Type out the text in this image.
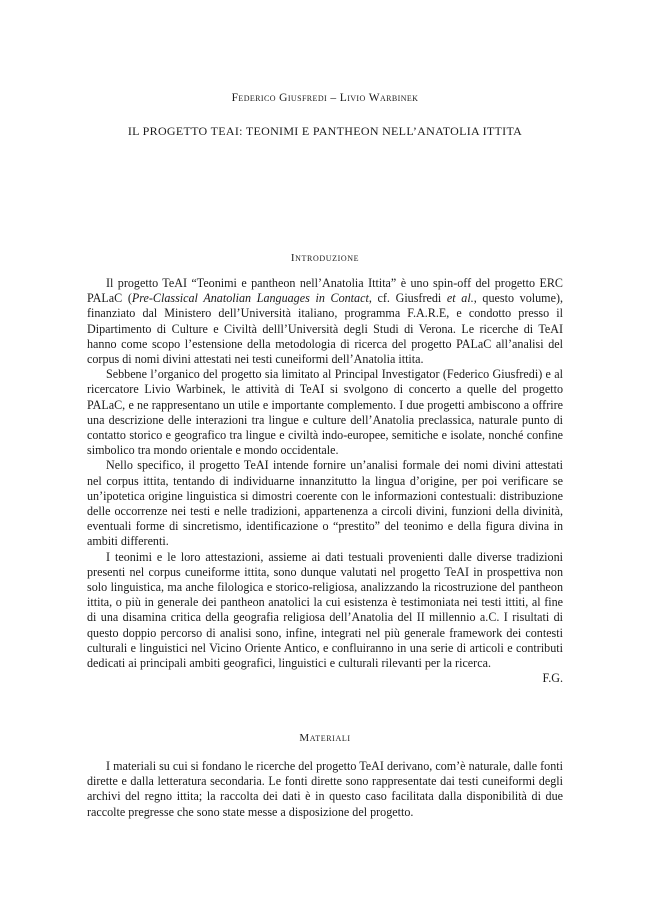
Federico Giusfredi – Livio Warbinek
IL PROGETTO TEAI: TEONIMI E PANTHEON NELL’ANATOLIA ITTITA
Introduzione

Il progetto TeAI “Teonimi e pantheon nell’Anatolia Ittita” è uno spin-off del progetto ERC PALaC (Pre-Classical Anatolian Languages in Contact, cf. Giusfredi et al., questo volume), finanziato dal Ministero dell’Università italiano, programma F.A.R.E, e condotto presso il Dipartimento di Culture e Civiltà delll’Università degli Studi di Verona. Le ricerche di TeAI hanno come scopo l’estensione della metodologia di ricerca del progetto PALaC all’analisi del corpus di nomi divini attestati nei testi cuneiformi dell’Anatolia ittita.

Sebbene l’organico del progetto sia limitato al Principal Investigator (Federico Giusfredi) e al ricercatore Livio Warbinek, le attività di TeAI si svolgono di concerto a quelle del progetto PALaC, e ne rappresentano un utile e importante complemento. I due progetti ambiscono a offrire una descrizione delle interazioni tra lingue e culture dell’Anatolia preclassica, naturale punto di contatto storico e geografico tra lingue e civiltà indo-europee, semitiche e isolate, nonché confine simbolico tra mondo orientale e mondo occidentale.

Nello specifico, il progetto TeAI intende fornire un’analisi formale dei nomi divini attestati nel corpus ittita, tentando di individuarne innanzitutto la lingua d’origine, per poi verificare se un’ipotetica origine linguistica si dimostri coerente con le informazioni contestuali: distribuzione delle occorrenze nei testi e nelle tradizioni, appartenenza a circoli divini, funzioni della divinità, eventuali forme di sincretismo, identificazione o “prestito” del teonimo e della figura divina in ambiti differenti.

I teonimi e le loro attestazioni, assieme ai dati testuali provenienti dalle diverse tradizioni presenti nel corpus cuneiforme ittita, sono dunque valutati nel progetto TeAI in prospettiva non solo linguistica, ma anche filologica e storico-religiosa, analizzando la ricostruzione del pantheon ittita, o più in generale dei pantheon anatolici la cui esistenza è testimoniata nei testi ittiti, al fine di una disamina critica della geografia religiosa dell’Anatolia del II millennio a.C. I risultati di questo doppio percorso di analisi sono, infine, integrati nel più generale framework dei contesti culturali e linguistici nel Vicino Oriente Antico, e confluiranno in una serie di articoli e contributi dedicati ai principali ambiti geografici, linguistici e culturali rilevanti per la ricerca.

F.G.

Materiali

I materiali su cui si fondano le ricerche del progetto TeAI derivano, com’è naturale, dalle fonti dirette e dalla letteratura secondaria. Le fonti dirette sono rappresentate dai testi cuneiformi degli archivi del regno ittita; la raccolta dei dati è in questo caso facilitata dalla disponibilità di due raccolte pregresse che sono state messe a disposizione del progetto.
